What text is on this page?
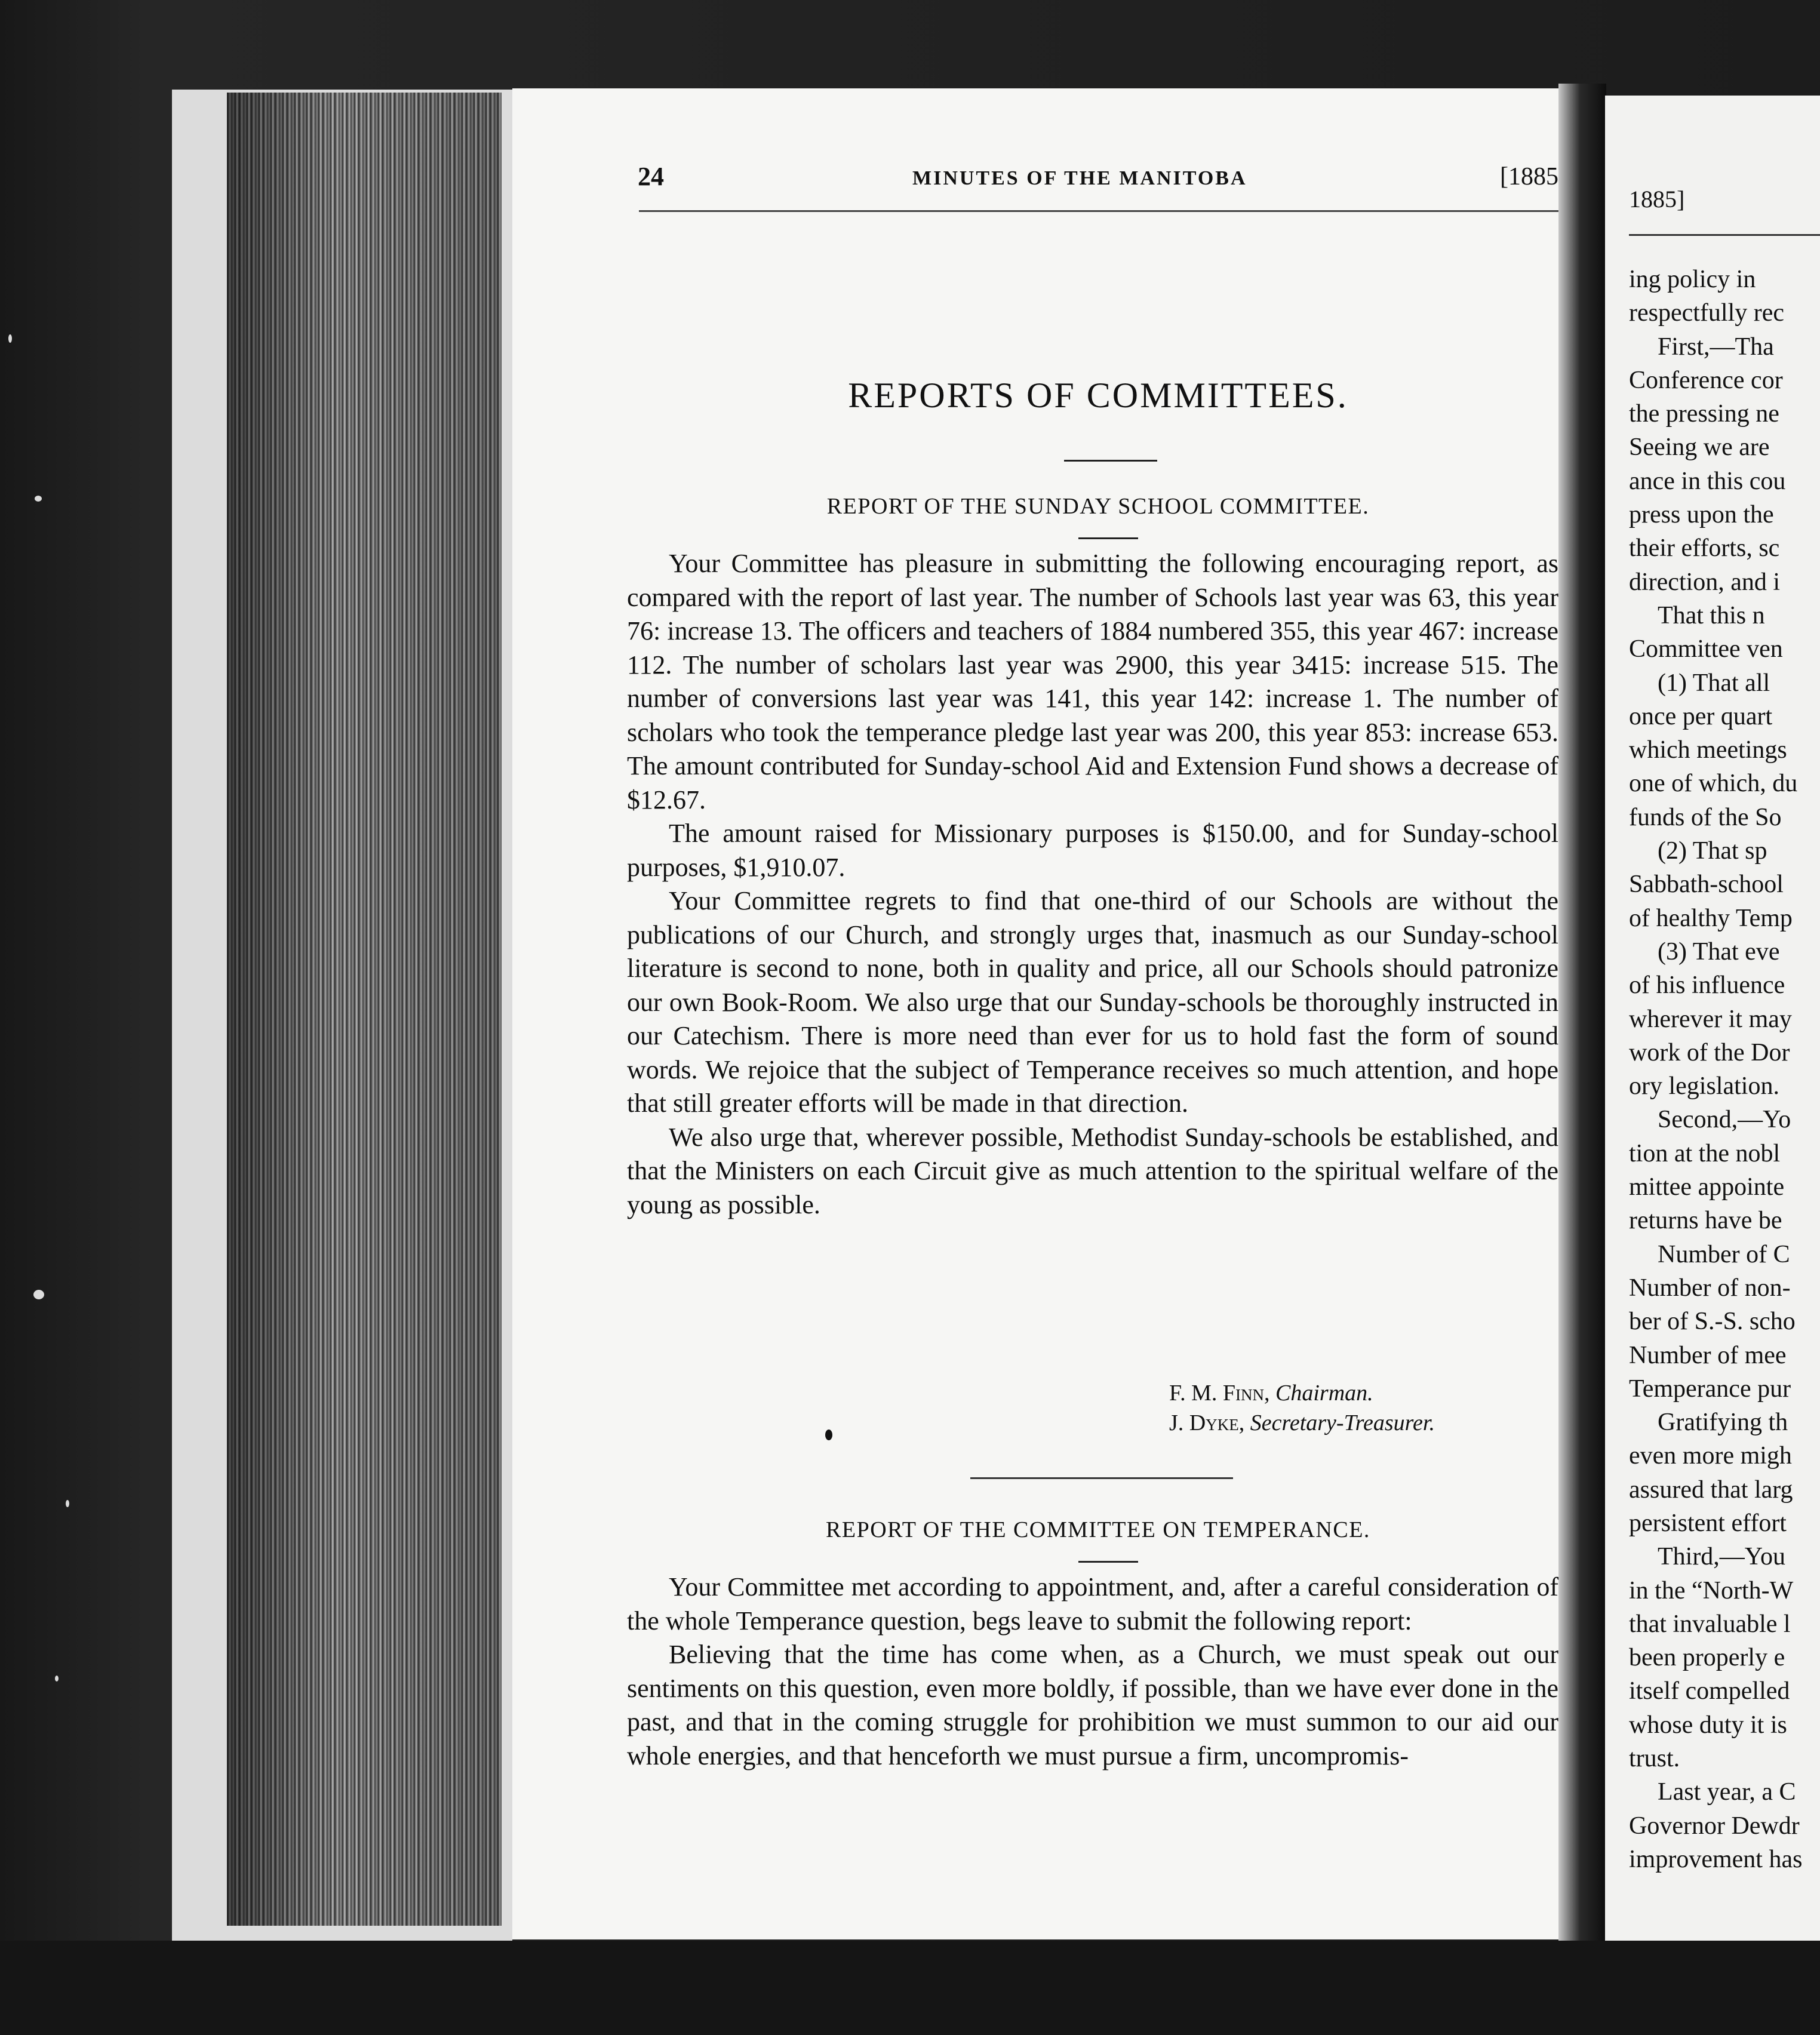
1885]
ing policy in
respectfully rec
First,—Tha
Conference cor
the pressing ne
Seeing we are
ance in this cou
press upon the
their efforts, sc
direction, and i
That this n
Committee ven
(1) That all
once per quart
which meetings
one of which, du
funds of the So
(2) That sp
Sabbath-school
of healthy Temp
(3) That eve
of his influence
wherever it may
work of the Dor
ory legislation.
Second,—Yo
tion at the nobl
mittee appointe
returns have be
Number of C
Number of non-
ber of S.-S. scho
Number of mee
Temperance pur
Gratifying th
even more migh
assured that larg
persistent effort
Third,—You
in the “North-W
that invaluable l
been properly e
itself compelled
whose duty it is
trust.
Last year, a C
Governor Dewdr
improvement has
24	MINUTES OF THE MANITOBA	[1885
REPORTS OF COMMITTEES.
REPORT OF THE SUNDAY SCHOOL COMMITTEE.

Your Committee has pleasure in submitting the following encouraging report, as compared with the report of last year. The number of Schools last year was 63, this year 76: increase 13. The officers and teachers of 1884 numbered 355, this year 467: increase 112. The number of scholars last year was 2900, this year 3415: increase 515. The number of conversions last year was 141, this year 142: increase 1. The number of scholars who took the temperance pledge last year was 200, this year 853: increase 653. The amount contributed for Sunday-school Aid and Extension Fund shows a decrease of $12.67.

The amount raised for Missionary purposes is $150.00, and for Sunday-school purposes, $1,910.07.

Your Committee regrets to find that one-third of our Schools are without the publications of our Church, and strongly urges that, inasmuch as our Sunday-school literature is second to none, both in quality and price, all our Schools should patronize our own Book-Room. We also urge that our Sunday-schools be thoroughly instructed in our Catechism. There is more need than ever for us to hold fast the form of sound words. We rejoice that the subject of Temperance receives so much attention, and hope that still greater efforts will be made in that direction.

We also urge that, wherever possible, Methodist Sunday-schools be established, and that the Ministers on each Circuit give as much attention to the spiritual welfare of the young as possible.

F. M. Finn, Chairman.
J. Dyke, Secretary-Treasurer.
REPORT OF THE COMMITTEE ON TEMPERANCE.

Your Committee met according to appointment, and, after a careful consideration of the whole Temperance question, begs leave to submit the following report:

Believing that the time has come when, as a Church, we must speak out our sentiments on this question, even more boldly, if possible, than we have ever done in the past, and that in the coming struggle for prohibition we must summon to our aid our whole energies, and that henceforth we must pursue a firm, uncompromis-
